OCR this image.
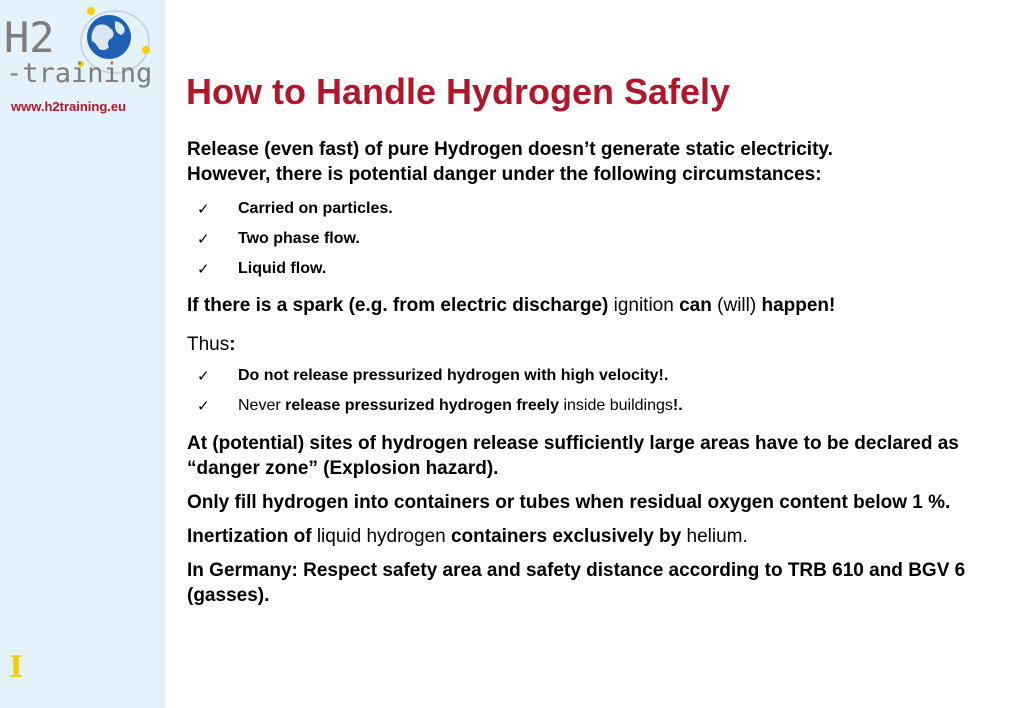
H2
-training
www.h2training.eu
I
How to Handle Hydrogen Safely

Release (even fast) of pure Hydrogen doesn’t generate static electricity.
However, there is potential danger under the following circumstances:

✓ Carried on particles.
✓ Two phase flow.
✓ Liquid flow.

If there is a spark (e.g. from electric discharge) ignition can (will) happen!

Thus:

✓ Do not release pressurized hydrogen with high velocity!.
✓ Never release pressurized hydrogen freely inside buildings!.

At (potential) sites of hydrogen release sufficiently large areas have to be declared as “danger zone” (Explosion hazard).

Only fill hydrogen into containers or tubes when residual oxygen content below 1 %.

Inertization of liquid hydrogen containers exclusively by helium.

In Germany: Respect safety area and safety distance according to TRB 610 and BGV 6 (gasses).
